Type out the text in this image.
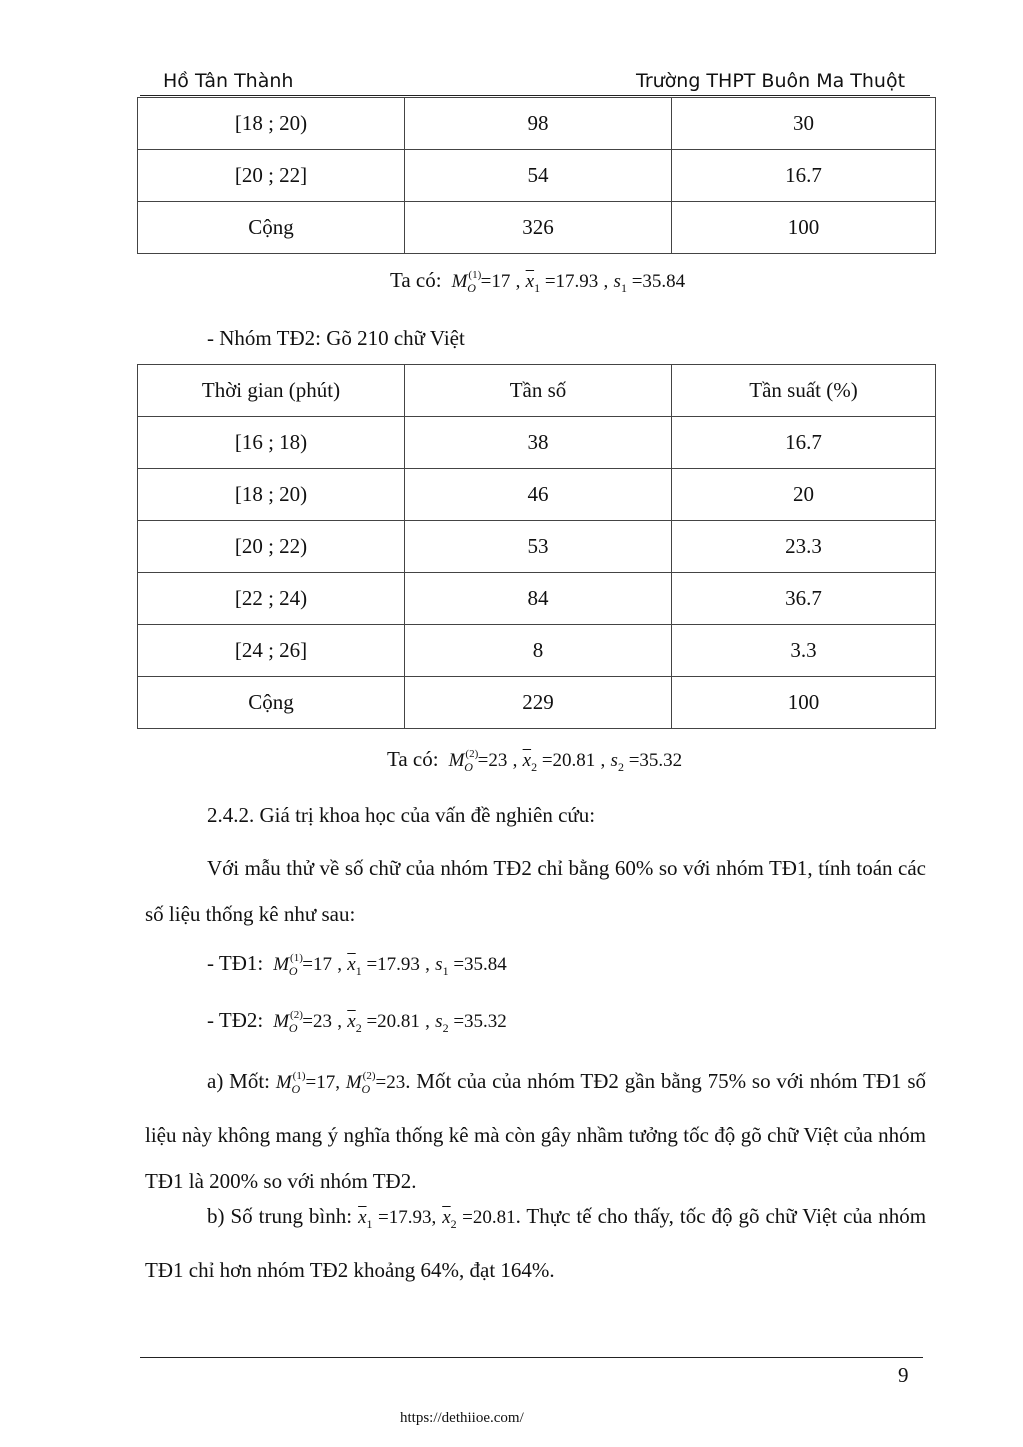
Hồ Tân Thành	Trường THPT Buôn Ma Thuột
[18 ; 20)	98	30
[20 ; 22]	54	16.7
Cộng	326	100
Ta có: $M^{(1)}_O =17$ , $\overline{x}_1 =17.93$ , $s_1 =35.84$
- Nhóm TĐ2: Gõ 210 chữ Việt
Thời gian (phút)	Tần số	Tần suất (%)
[16 ; 18)	38	16.7
[18 ; 20)	46	20
[20 ; 22)	53	23.3
[22 ; 24)	84	36.7
[24 ; 26]	8	3.3
Cộng	229	100
Ta có: $M^{(2)}_O =23$ , $\overline{x}_2 =20.81$ , $s_2 =35.32$
2.4.2. Giá trị khoa học của vấn đề nghiên cứu:
Với mẫu thử về số chữ của nhóm TĐ2 chỉ bằng 60% so với nhóm TĐ1, tính toán các số liệu thống kê như sau:
- TĐ1: $M^{(1)}_O =17$ , $\overline{x}_1 =17.93$ , $s_1 =35.84$
- TĐ2: $M^{(2)}_O =23$ , $\overline{x}_2 =20.81$ , $s_2 =35.32$
a) Mốt: $M^{(1)}_O =17$, $M^{(2)}_O =23$. Mốt của của nhóm TĐ2 gần bằng 75% so với nhóm TĐ1 số liệu này không mang ý nghĩa thống kê mà còn gây nhầm tưởng tốc độ gõ chữ Việt của nhóm TĐ1 là 200% so với nhóm TĐ2.
b) Số trung bình: $\overline{x}_1 =17.93$, $\overline{x}_2 =20.81$. Thực tế cho thấy, tốc độ gõ chữ Việt của nhóm TĐ1 chỉ hơn nhóm TĐ2 khoảng 64%, đạt 164%.
9
https://dethiioe.com/
